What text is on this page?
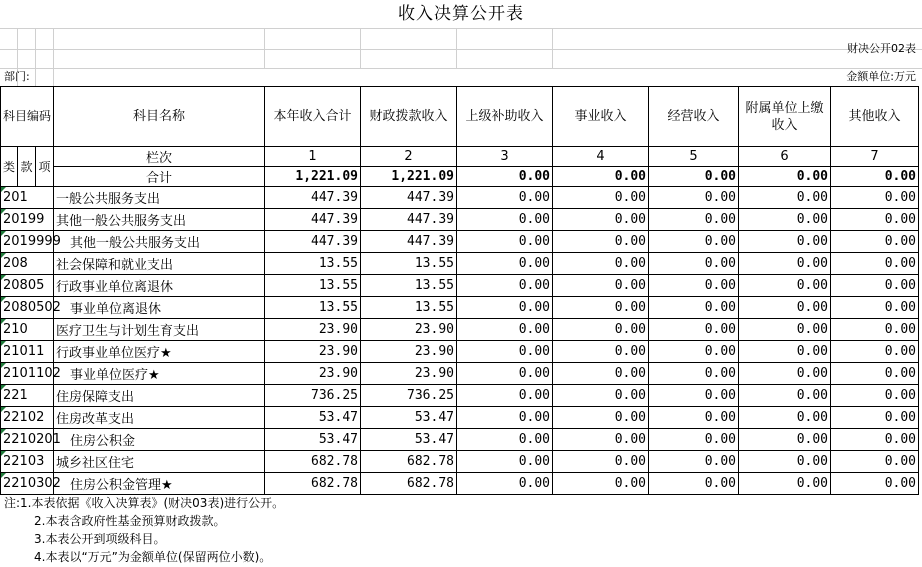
收入决算公开表
财决公开02表
部门:	金额单位:万元
科目编码			科目名称	本年收入合计	财政拨款收入	上级补助收入	事业收入	经营收入	附属单位上缴收入	其他收入
类	款	项	栏次	1	2	3	4	5	6	7
			合计	1,221.09	1,221.09	0.00	0.00	0.00	0.00	0.00

201			一般公共服务支出	447.39	447.39	0.00	0.00	0.00	0.00	0.00

20199			其他一般公共服务支出	447.39	447.39	0.00	0.00	0.00	0.00	0.00

2019999			其他一般公共服务支出	447.39	447.39	0.00	0.00	0.00	0.00	0.00

208			社会保障和就业支出	13.55	13.55	0.00	0.00	0.00	0.00	0.00

20805			行政事业单位离退休	13.55	13.55	0.00	0.00	0.00	0.00	0.00

2080502			事业单位离退休	13.55	13.55	0.00	0.00	0.00	0.00	0.00

210			医疗卫生与计划生育支出	23.90	23.90	0.00	0.00	0.00	0.00	0.00

21011			行政事业单位医疗★	23.90	23.90	0.00	0.00	0.00	0.00	0.00

2101102			事业单位医疗★	23.90	23.90	0.00	0.00	0.00	0.00	0.00

221			住房保障支出	736.25	736.25	0.00	0.00	0.00	0.00	0.00

22102			住房改革支出	53.47	53.47	0.00	0.00	0.00	0.00	0.00

2210201			住房公积金	53.47	53.47	0.00	0.00	0.00	0.00	0.00

22103			城乡社区住宅	682.78	682.78	0.00	0.00	0.00	0.00	0.00

2210302			住房公积金管理★	682.78	682.78	0.00	0.00	0.00	0.00	0.00
注:1.本表依据《收入决算表》(财决03表)进行公开。
2.本表含政府性基金预算财政拨款。
3.本表公开到项级科目。
4.本表以“万元”为金额单位(保留两位小数)。
